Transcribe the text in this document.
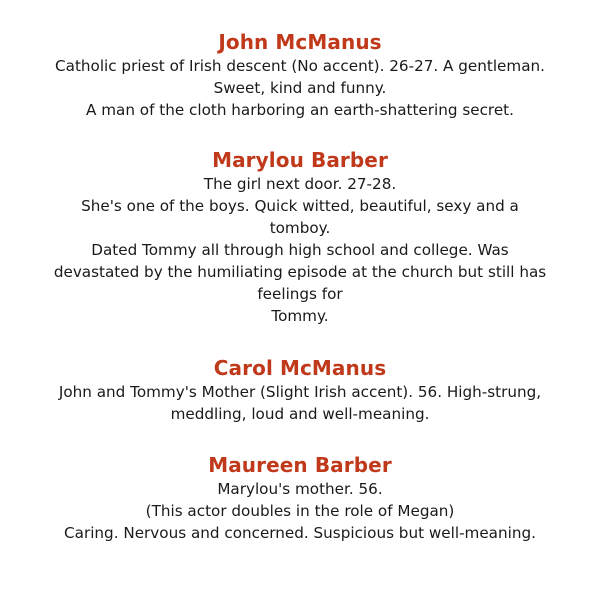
John McManus

Catholic priest of Irish descent (No accent). 26-27. A gentleman.

Sweet, kind and funny.

A man of the cloth harboring an earth-shattering secret.

Marylou Barber

The girl next door. 27-28.

She's one of the boys. Quick witted, beautiful, sexy and a

tomboy.

Dated Tommy all through high school and college. Was

devastated by the humiliating episode at the church but still has

feelings for

Tommy.

Carol McManus

John and Tommy's Mother (Slight Irish accent). 56. High-strung,

meddling, loud and well-meaning.

Maureen Barber

Marylou's mother. 56.

(This actor doubles in the role of Megan)

Caring. Nervous and concerned. Suspicious but well-meaning.
